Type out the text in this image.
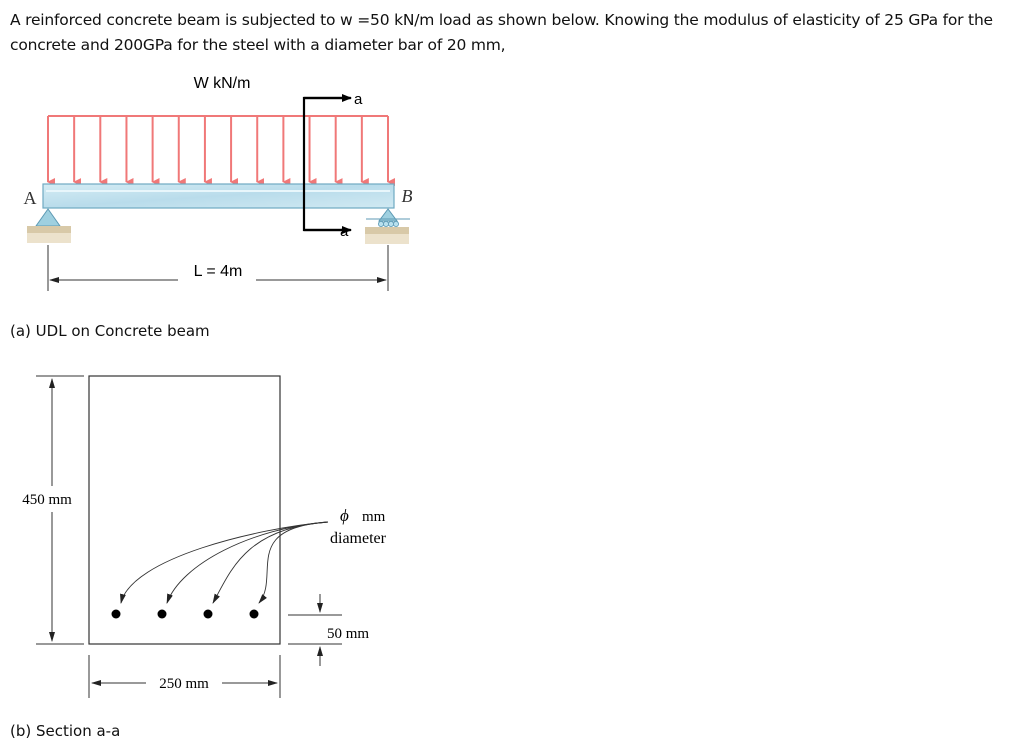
A reinforced concrete beam is subjected to w =50 kN/m load as shown below. Knowing the modulus of elasticity of 25 GPa for the concrete and 200GPa for the steel with a diameter bar of 20 mm,

W kN/m
A	B
a
a
L = 4m
450 mm
250 mm
ϕ mm
diameter
50 mm

(a) UDL on Concrete beam

(b) Section a-a
